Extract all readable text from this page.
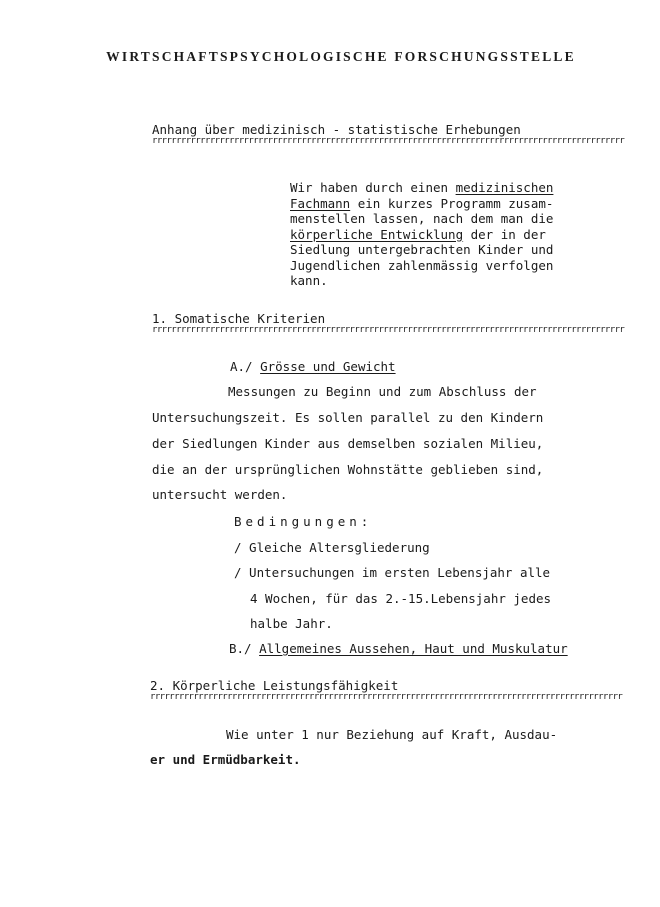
WIRTSCHAFTSPSYCHOLOGISCHE FORSCHUNGSSTELLE
Anhang über medizinisch - statistische Erhebungen
rrrrrrrrrrrrrrrrrrrrrrrrrrrrrrrrrrrrrrrrrrrrrrrrrrrrrrrrrrrrrrrrrrrrrrrrrrrrrrrrrrrrrrrrrrrrrrrrrr
Wir haben durch einen medizinischen
Fachmann ein kurzes Programm zusam-
menstellen lassen, nach dem man die
körperliche Entwicklung der in der
Siedlung untergebrachten Kinder und
Jugendlichen zahlenmässig verfolgen
kann.
1. Somatische Kriterien
rrrrrrrrrrrrrrrrrrrrrrrrrrrrrrrrrrrrrrrrrrrrrrrrrrrrrrrrrrrrrrrrrrrrrrrrrrrrrrrrrrrrrrrrrrrrrrrrrr
A./ Grösse und Gewicht
Messungen zu Beginn und zum Abschluss der
Untersuchungszeit. Es sollen parallel zu den Kindern
der Siedlungen Kinder aus demselben sozialen Milieu,
die an der ursprünglichen Wohnstätte geblieben sind,
untersucht werden.
Bedingungen:
/ Gleiche Altersgliederung
/ Untersuchungen im ersten Lebensjahr alle
4 Wochen, für das 2.-15.Lebensjahr jedes
halbe Jahr.
B./ Allgemeines Aussehen, Haut und Muskulatur
2. Körperliche Leistungsfähigkeit
rrrrrrrrrrrrrrrrrrrrrrrrrrrrrrrrrrrrrrrrrrrrrrrrrrrrrrrrrrrrrrrrrrrrrrrrrrrrrrrrrrrrrrrrrrrrrrrrrr
Wie unter 1 nur Beziehung auf Kraft, Ausdau-
er und Ermüdbarkeit.
